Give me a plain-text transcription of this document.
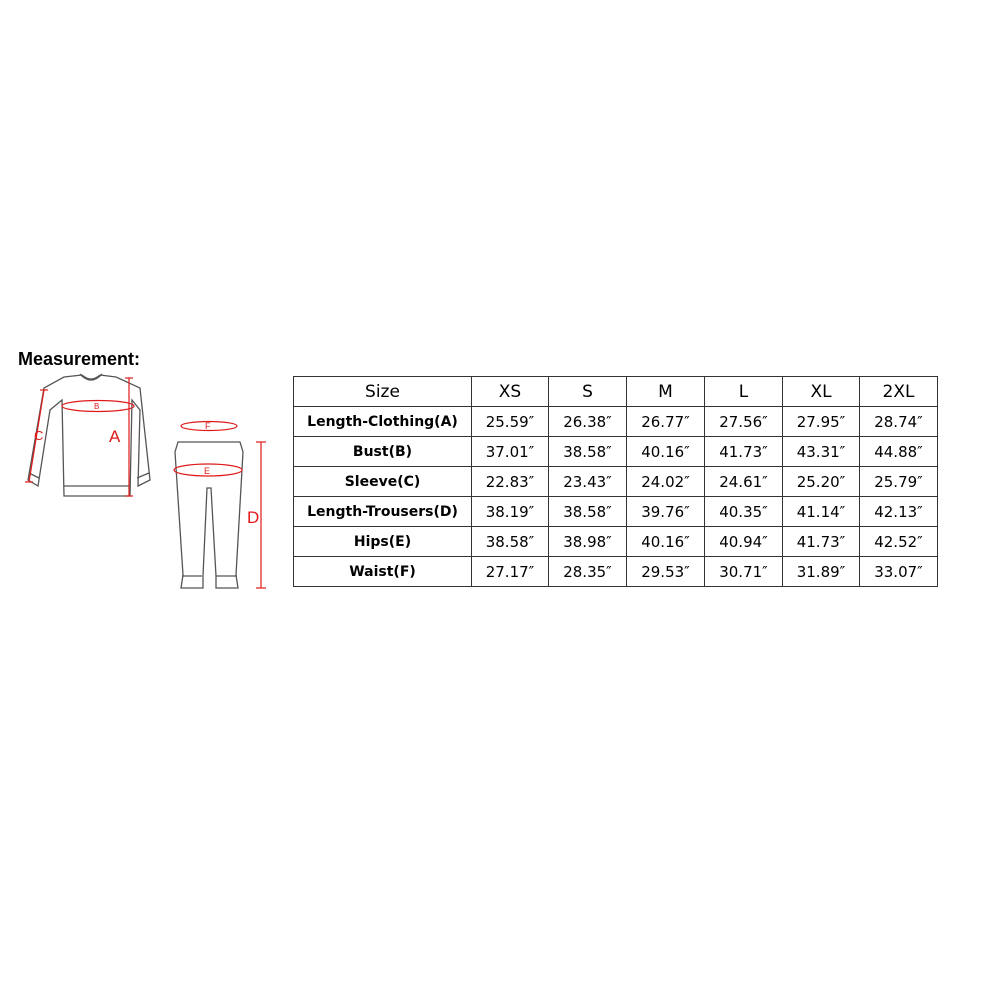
Measurement:
B
C	A
F
E
D
Size	XS	S	M	L	XL	2XL
Length-Clothing(A)	25.59″	26.38″	26.77″	27.56″	27.95″	28.74″
Bust(B)	37.01″	38.58″	40.16″	41.73″	43.31″	44.88″
Sleeve(C)	22.83″	23.43″	24.02″	24.61″	25.20″	25.79″
Length-Trousers(D)	38.19″	38.58″	39.76″	40.35″	41.14″	42.13″
Hips(E)	38.58″	38.98″	40.16″	40.94″	41.73″	42.52″
Waist(F)	27.17″	28.35″	29.53″	30.71″	31.89″	33.07″
